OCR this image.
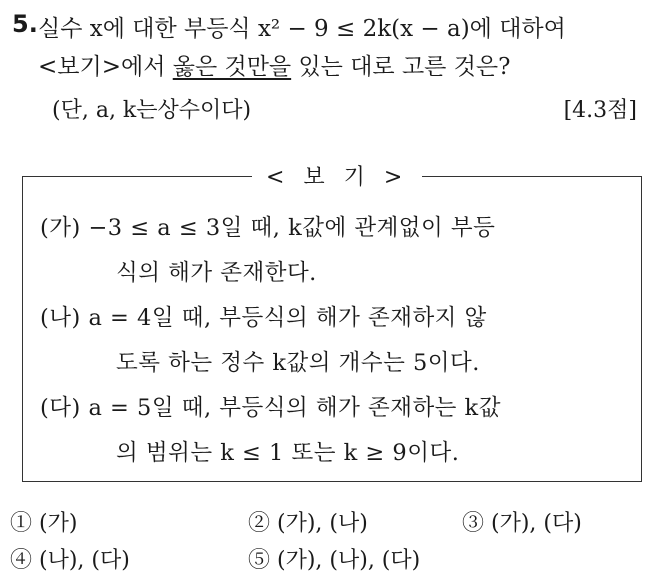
5. 실수 x에 대한 부등식 x² − 9 ≤ 2k(x − a)에 대하여
<보기>에서 옳은 것만을 있는 대로 고른 것은?
(단, a, k는상수이다)	[4.3점]
< 보 기 >
(가) −3 ≤ a ≤ 3일 때, k값에 관계없이 부등
식의 해가 존재한다.
(나) a = 4일 때, 부등식의 해가 존재하지 않
도록 하는 정수 k값의 개수는 5이다.
(다) a = 5일 때, 부등식의 해가 존재하는 k값
의 범위는 k ≤ 1 또는 k ≥ 9이다.
① (가)	② (가), (나)	③ (가), (다)
④ (나), (다)	⑤ (가), (나), (다)
